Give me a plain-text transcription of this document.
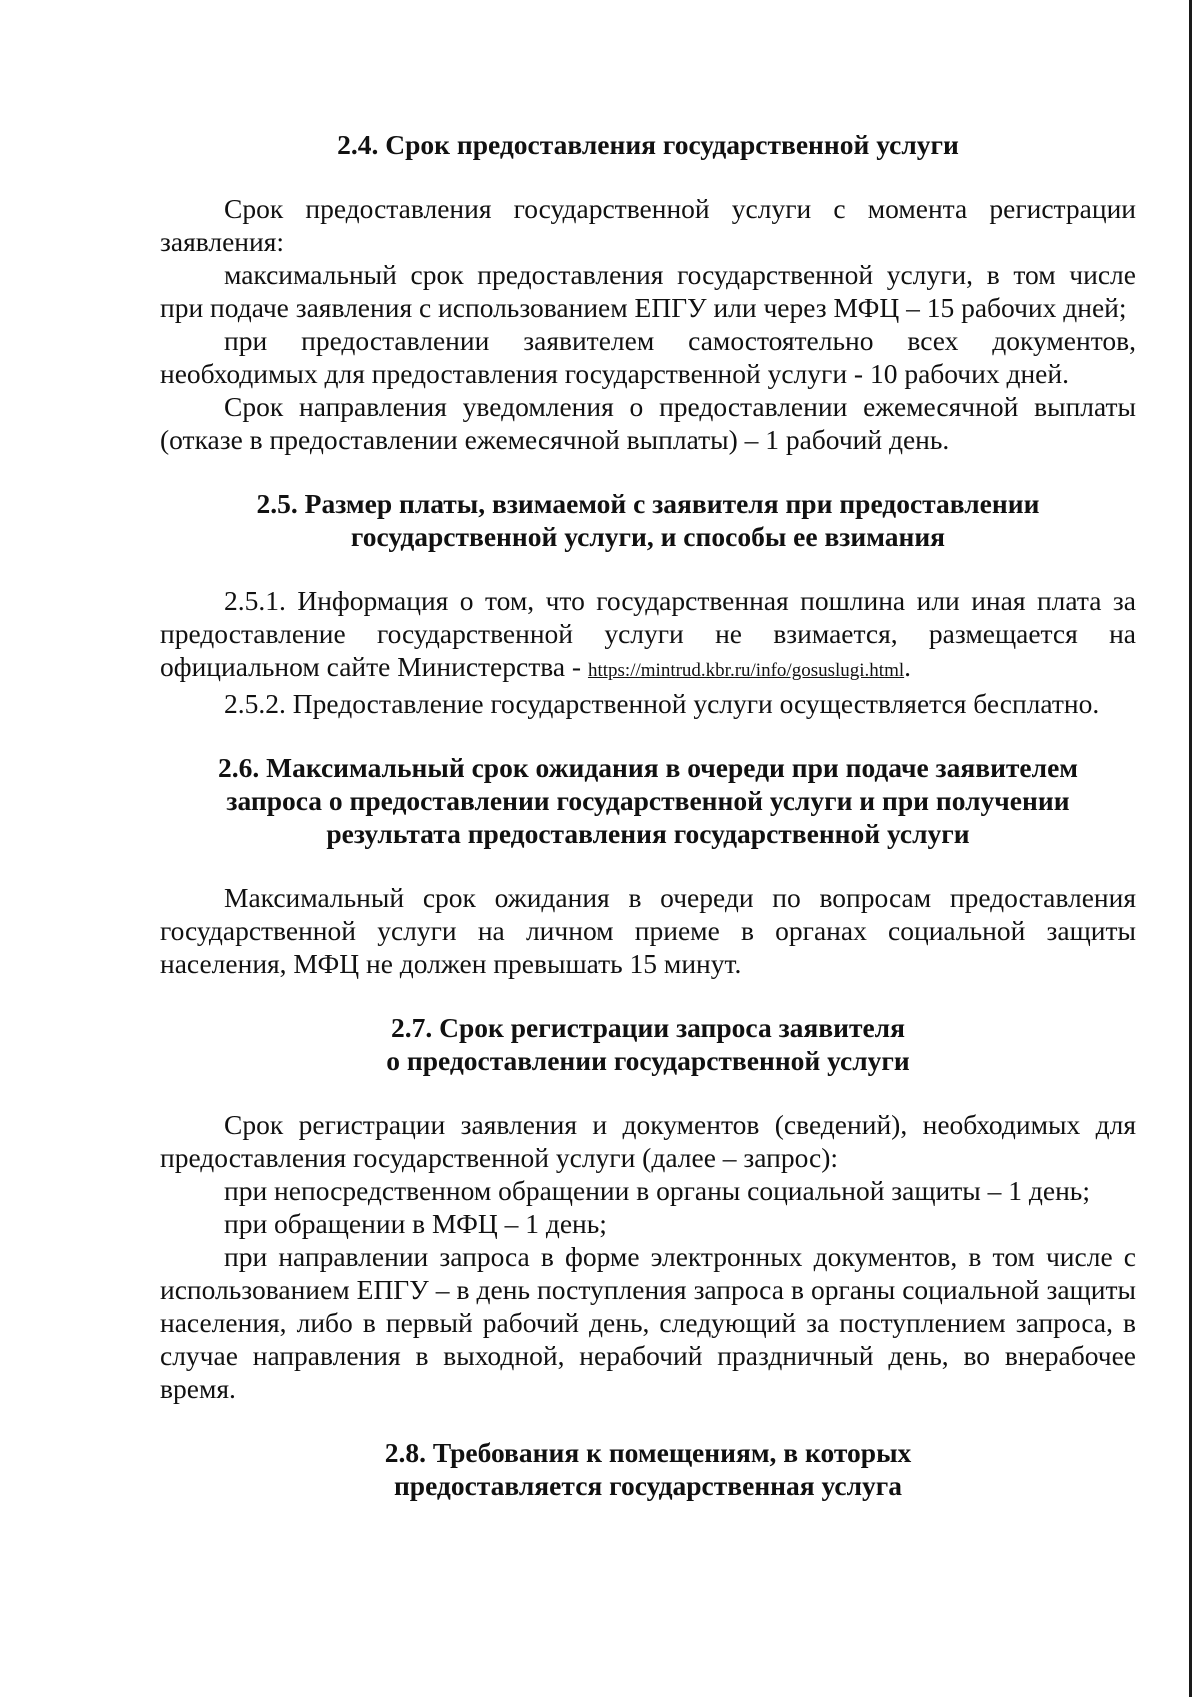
2.4. Срок предоставления государственной услуги

Срок предоставления государственной услуги с момента регистрации заявления:

максимальный срок предоставления государственной услуги, в том числе при подаче заявления с использованием ЕПГУ или через МФЦ – 15 рабочих дней;

при предоставлении заявителем самостоятельно всех документов, необходимых для предоставления государственной услуги - 10 рабочих дней.

Срок направления уведомления о предоставлении ежемесячной выплаты (отказе в предоставлении ежемесячной выплаты) – 1 рабочий день.

2.5. Размер платы, взимаемой с заявителя при предоставлении
государственной услуги, и способы ее взимания

2.5.1. Информация о том, что государственная пошлина или иная плата за предоставление государственной услуги не взимается, размещается на официальном сайте Министерства - https://mintrud.kbr.ru/info/gosuslugi.html.

2.5.2. Предоставление государственной услуги осуществляется бесплатно.

2.6. Максимальный срок ожидания в очереди при подаче заявителем
запроса о предоставлении государственной услуги и при получении
результата предоставления государственной услуги

Максимальный срок ожидания в очереди по вопросам предоставления государственной услуги на личном приеме в органах социальной защиты населения, МФЦ не должен превышать 15 минут.

2.7. Срок регистрации запроса заявителя
о предоставлении государственной услуги

Срок регистрации заявления и документов (сведений), необходимых для предоставления государственной услуги (далее – запрос):

при непосредственном обращении в органы социальной защиты – 1 день;

при обращении в МФЦ – 1 день;

при направлении запроса в форме электронных документов, в том числе с использованием ЕПГУ – в день поступления запроса в органы социальной защиты населения, либо в первый рабочий день, следующий за поступлением запроса, в случае направления в выходной, нерабочий праздничный день, во внерабочее время.

2.8. Требования к помещениям, в которых
предоставляется государственная услуга
